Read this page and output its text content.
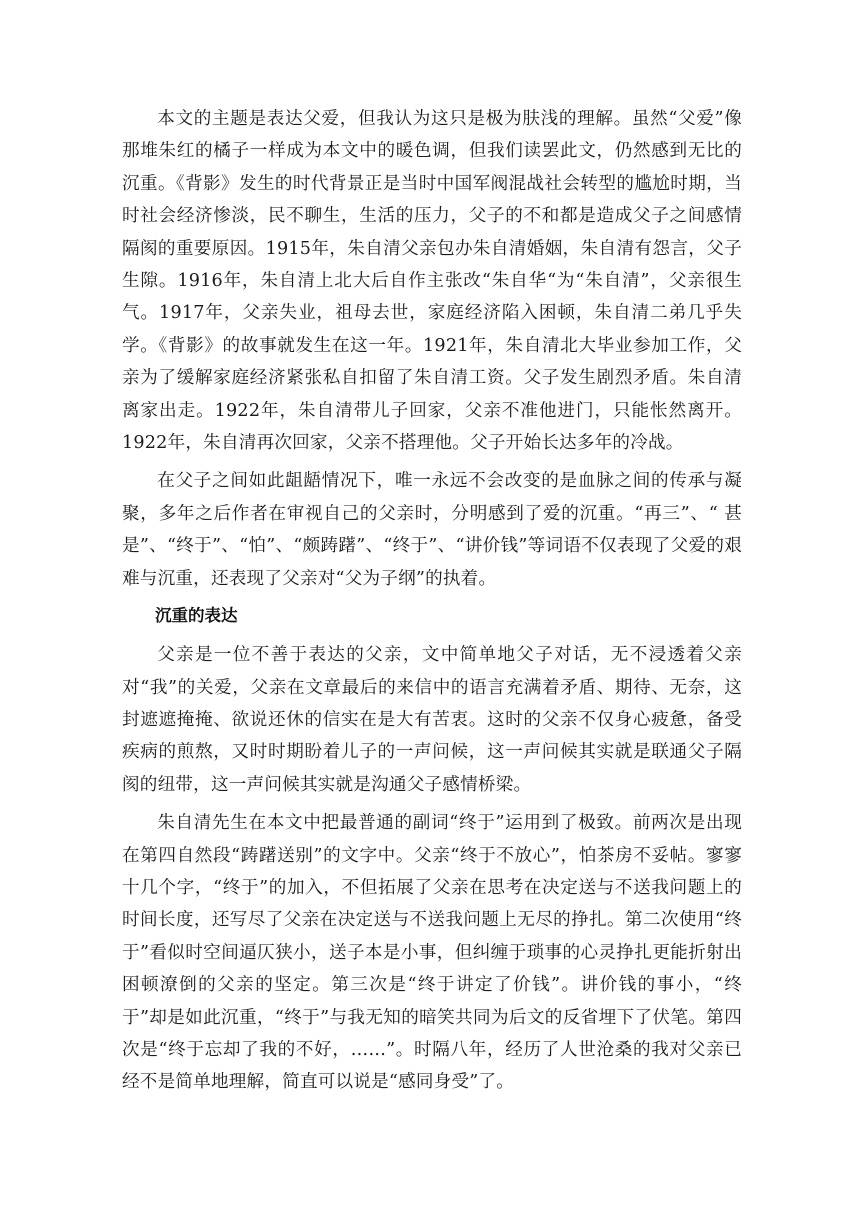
本文的主题是表达父爱，但我认为这只是极为肤浅的理解。虽然“父爱”像那堆朱红的橘子一样成为本文中的暖色调，但我们读罢此文，仍然感到无比的沉重。《背影》发生的时代背景正是当时中国军阀混战社会转型的尴尬时期，当时社会经济惨淡，民不聊生，生活的压力，父子的不和都是造成父子之间感情隔阂的重要原因。1915年，朱自清父亲包办朱自清婚姻，朱自清有怨言，父子生隙。1916年，朱自清上北大后自作主张改“朱自华“为“朱自清”，父亲很生气。1917年，父亲失业，祖母去世，家庭经济陷入困顿，朱自清二弟几乎失学。《背影》的故事就发生在这一年。1921年，朱自清北大毕业参加工作，父亲为了缓解家庭经济紧张私自扣留了朱自清工资。父子发生剧烈矛盾。朱自清离家出走。1922年，朱自清带儿子回家，父亲不准他进门，只能怅然离开。1922年，朱自清再次回家，父亲不搭理他。父子开始长达多年的冷战。

在父子之间如此龃龉情况下，唯一永远不会改变的是血脉之间的传承与凝聚，多年之后作者在审视自己的父亲时，分明感到了爱的沉重。“再三”、“ 甚是”、“终于”、“怕”、“颇踌躇”、“终于”、“讲价钱”等词语不仅表现了父爱的艰难与沉重，还表现了父亲对“父为子纲”的执着。

沉重的表达

父亲是一位不善于表达的父亲，文中简单地父子对话，无不浸透着父亲对“我”的关爱，父亲在文章最后的来信中的语言充满着矛盾、期待、无奈，这封遮遮掩掩、欲说还休的信实在是大有苦衷。这时的父亲不仅身心疲惫，备受疾病的煎熬，又时时期盼着儿子的一声问候，这一声问候其实就是联通父子隔阂的纽带，这一声问候其实就是沟通父子感情桥梁。

朱自清先生在本文中把最普通的副词“终于”运用到了极致。前两次是出现在第四自然段“踌躇送别”的文字中。父亲“终于不放心”，怕茶房不妥帖。寥寥十几个字，“终于”的加入，不但拓展了父亲在思考在决定送与不送我问题上的时间长度，还写尽了父亲在决定送与不送我问题上无尽的挣扎。第二次使用“终于”看似时空间逼仄狭小，送子本是小事，但纠缠于琐事的心灵挣扎更能折射出困顿潦倒的父亲的坚定。第三次是“终于讲定了价钱”。讲价钱的事小，“终于”却是如此沉重，“终于”与我无知的暗笑共同为后文的反省埋下了伏笔。第四次是“终于忘却了我的不好，……”。时隔八年，经历了人世沧桑的我对父亲已经不是简单地理解，简直可以说是“感同身受”了。
